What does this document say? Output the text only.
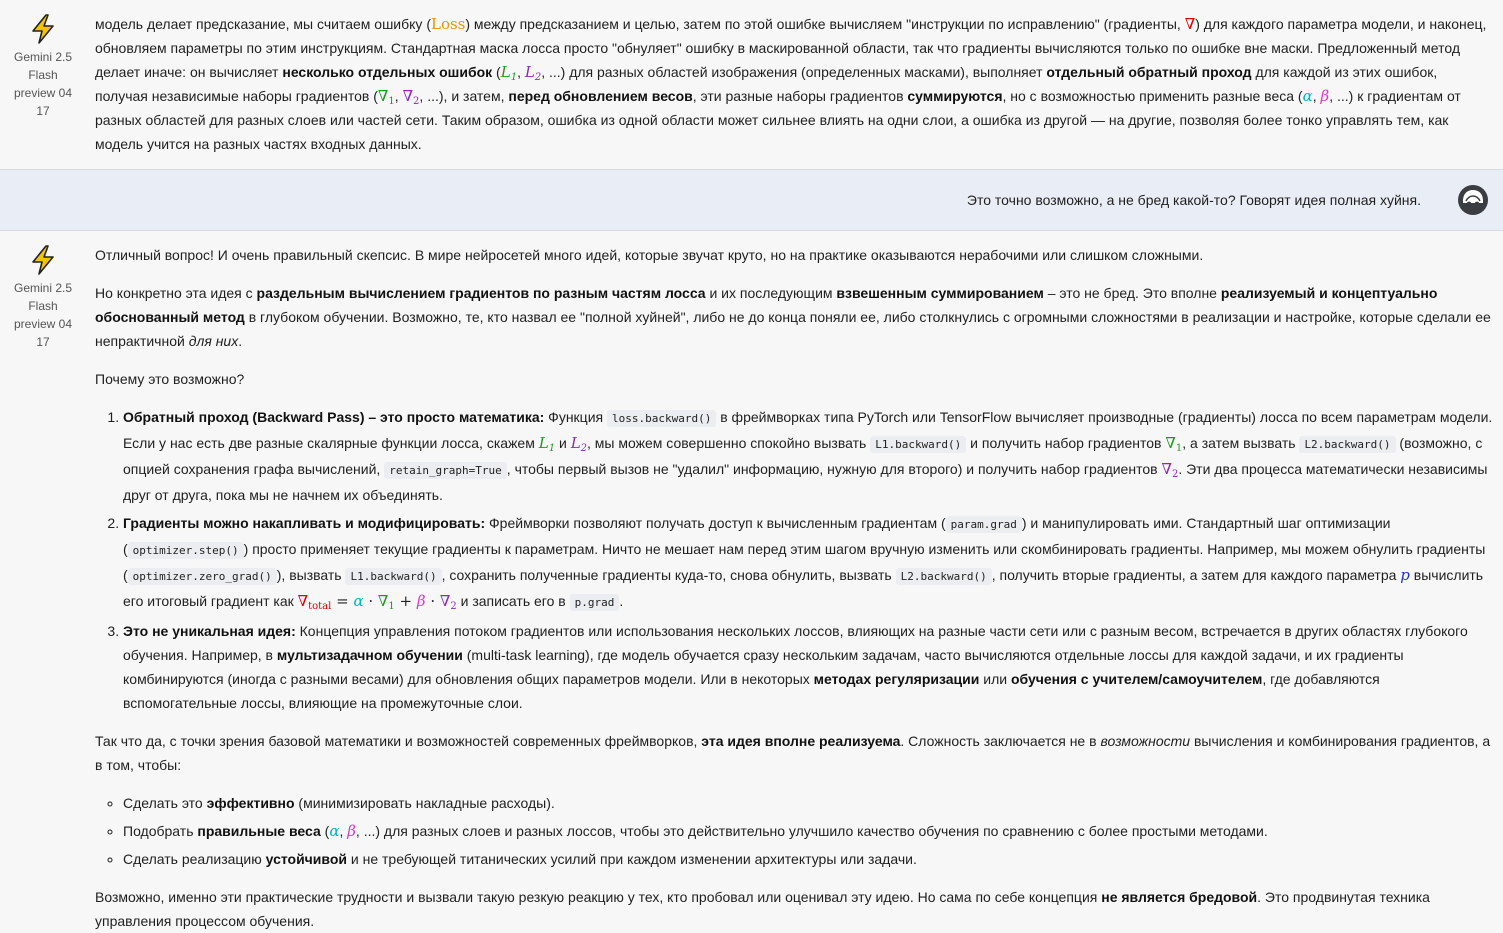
Gemini 2.5 Flash preview 04 17

модель делает предсказание, мы считаем ошибку (Loss) между предсказанием и целью, затем по этой ошибке вычисляем "инструкции по исправлению" (градиенты, ∇) для каждого параметра модели, и наконец, обновляем параметры по этим инструкциям. Стандартная маска лосса просто "обнуляет" ошибку в маскированной области, так что градиенты вычисляются только по ошибке вне маски. Предложенный метод делает иначе: он вычисляет несколько отдельных ошибок ($L_1$, $L_2$, ...) для разных областей изображения (определенных масками), выполняет отдельный обратный проход для каждой из этих ошибок, получая независимые наборы градиентов ($\nabla_1$, $\nabla_2$, ...), и затем, перед обновлением весов, эти разные наборы градиентов суммируются, но с возможностью применить разные веса (α, β, ...) к градиентам от разных областей для разных слоев или частей сети. Таким образом, ошибка из одной области может сильнее влиять на одни слои, а ошибка из другой — на другие, позволяя более тонко управлять тем, как модель учится на разных частях входных данных.

Это точно возможно, а не бред какой-то? Говорят идея полная хуйня.
Gemini 2.5 Flash preview 04 17

Отличный вопрос! И очень правильный скепсис. В мире нейросетей много идей, которые звучат круто, но на практике оказываются нерабочими или слишком сложными.

Но конкретно эта идея с раздельным вычислением градиентов по разным частям лосса и их последующим взвешенным суммированием – это не бред. Это вполне реализуемый и концептуально обоснованный метод в глубоком обучении. Возможно, те, кто назвал ее "полной хуйней", либо не до конца поняли ее, либо столкнулись с огромными сложностями в реализации и настройке, которые сделали ее непрактичной для них.

Почему это возможно?

1. Обратный проход (Backward Pass) – это просто математика: Функция loss.backward() в фреймворках типа PyTorch или TensorFlow вычисляет производные (градиенты) лосса по всем параметрам модели. Если у нас есть две разные скалярные функции лосса, скажем $L_1$ и $L_2$, мы можем совершенно спокойно вызвать L1.backward() и получить набор градиентов $\nabla_1$, а затем вызвать L2.backward() (возможно, с опцией сохранения графа вычислений, retain_graph=True , чтобы первый вызов не "удалил" информацию, нужную для второго) и получить набор градиентов $\nabla_2$. Эти два процесса математически независимы друг от друга, пока мы не начнем их объединять.
2. Градиенты можно накапливать и модифицировать: Фреймворки позволяют получать доступ к вычисленным градиентам ( param.grad ) и манипулировать ими. Стандартный шаг оптимизации ( optimizer.step() ) просто применяет текущие градиенты к параметрам. Ничто не мешает нам перед этим шагом вручную изменить или скомбинировать градиенты. Например, мы можем обнулить градиенты ( optimizer.zero_grad() ), вызвать L1.backward() , сохранить полученные градиенты куда-то, снова обнулить, вызвать L2.backward() , получить вторые градиенты, а затем для каждого параметра p вычислить его итоговый градиент как $\nabla_{total} = \alpha \cdot \nabla_1 + \beta \cdot \nabla_2$ и записать его в p.grad .
3. Это не уникальная идея: Концепция управления потоком градиентов или использования нескольких лоссов, влияющих на разные части сети или с разным весом, встречается в других областях глубокого обучения. Например, в мультизадачном обучении (multi-task learning), где модель обучается сразу нескольким задачам, часто вычисляются отдельные лоссы для каждой задачи, и их градиенты комбинируются (иногда с разными весами) для обновления общих параметров модели. Или в некоторых методах регуляризации или обучения с учителем/самоучителем, где добавляются вспомогательные лоссы, влияющие на промежуточные слои.

Так что да, с точки зрения базовой математики и возможностей современных фреймворков, эта идея вполне реализуема. Сложность заключается не в возможности вычисления и комбинирования градиентов, а в том, чтобы:

◦ Сделать это эффективно (минимизировать накладные расходы).
◦ Подобрать правильные веса (α, β, ...) для разных слоев и разных лоссов, чтобы это действительно улучшило качество обучения по сравнению с более простыми методами.
◦ Сделать реализацию устойчивой и не требующей титанических усилий при каждом изменении архитектуры или задачи.

Возможно, именно эти практические трудности и вызвали такую резкую реакцию у тех, кто пробовал или оценивал эту идею. Но сама по себе концепция не является бредовой. Это продвинутая техника управления процессом обучения.
